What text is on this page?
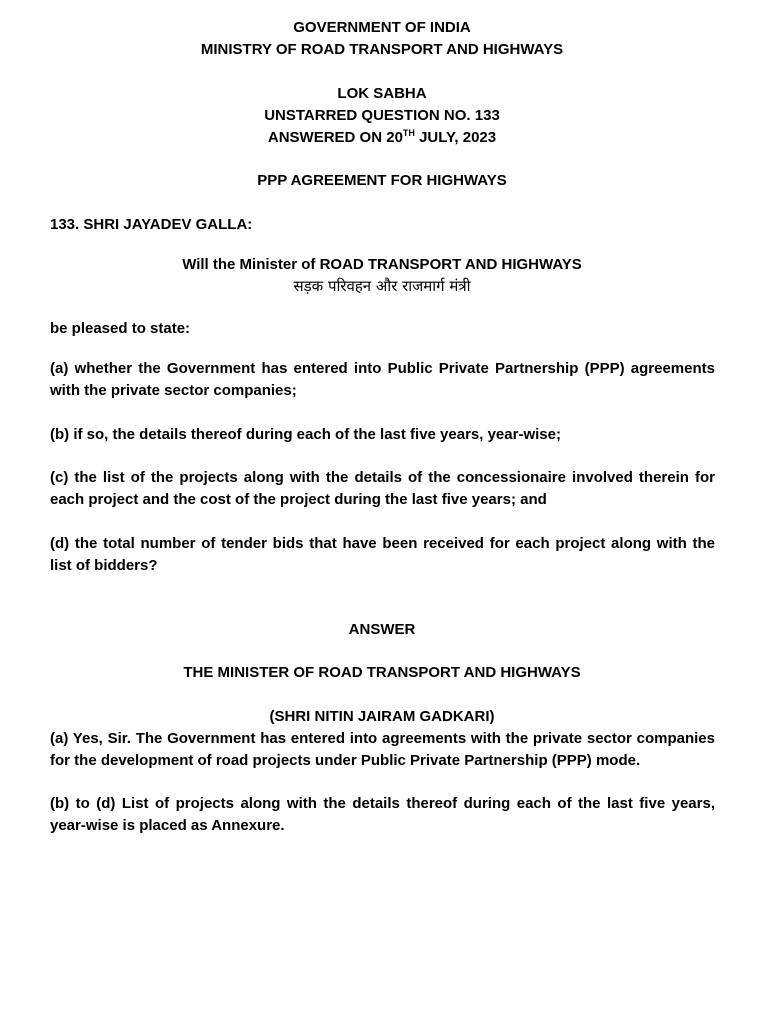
GOVERNMENT OF INDIA
MINISTRY OF ROAD TRANSPORT AND HIGHWAYS
LOK SABHA
UNSTARRED QUESTION NO. 133
ANSWERED ON 20TH JULY, 2023
PPP AGREEMENT FOR HIGHWAYS
133. SHRI JAYADEV GALLA:
Will the Minister of ROAD TRANSPORT AND HIGHWAYS
सड़क परिवहन और राजमार्ग मंत्री
be pleased to state:
(a) whether the Government has entered into Public Private Partnership (PPP) agreements with the private sector companies;
(b) if so, the details thereof during each of the last five years, year-wise;
(c) the list of the projects along with the details of the concessionaire involved therein for each project and the cost of the project during the last five years; and
(d) the total number of tender bids that have been received for each project along with the list of bidders?
ANSWER
THE MINISTER OF ROAD TRANSPORT AND HIGHWAYS
(SHRI NITIN JAIRAM GADKARI)
(a) Yes, Sir. The Government has entered into agreements with the private sector companies for the development of road projects under Public Private Partnership (PPP) mode.
(b) to (d) List of projects along with the details thereof during each of the last five years, year-wise is placed as Annexure.
